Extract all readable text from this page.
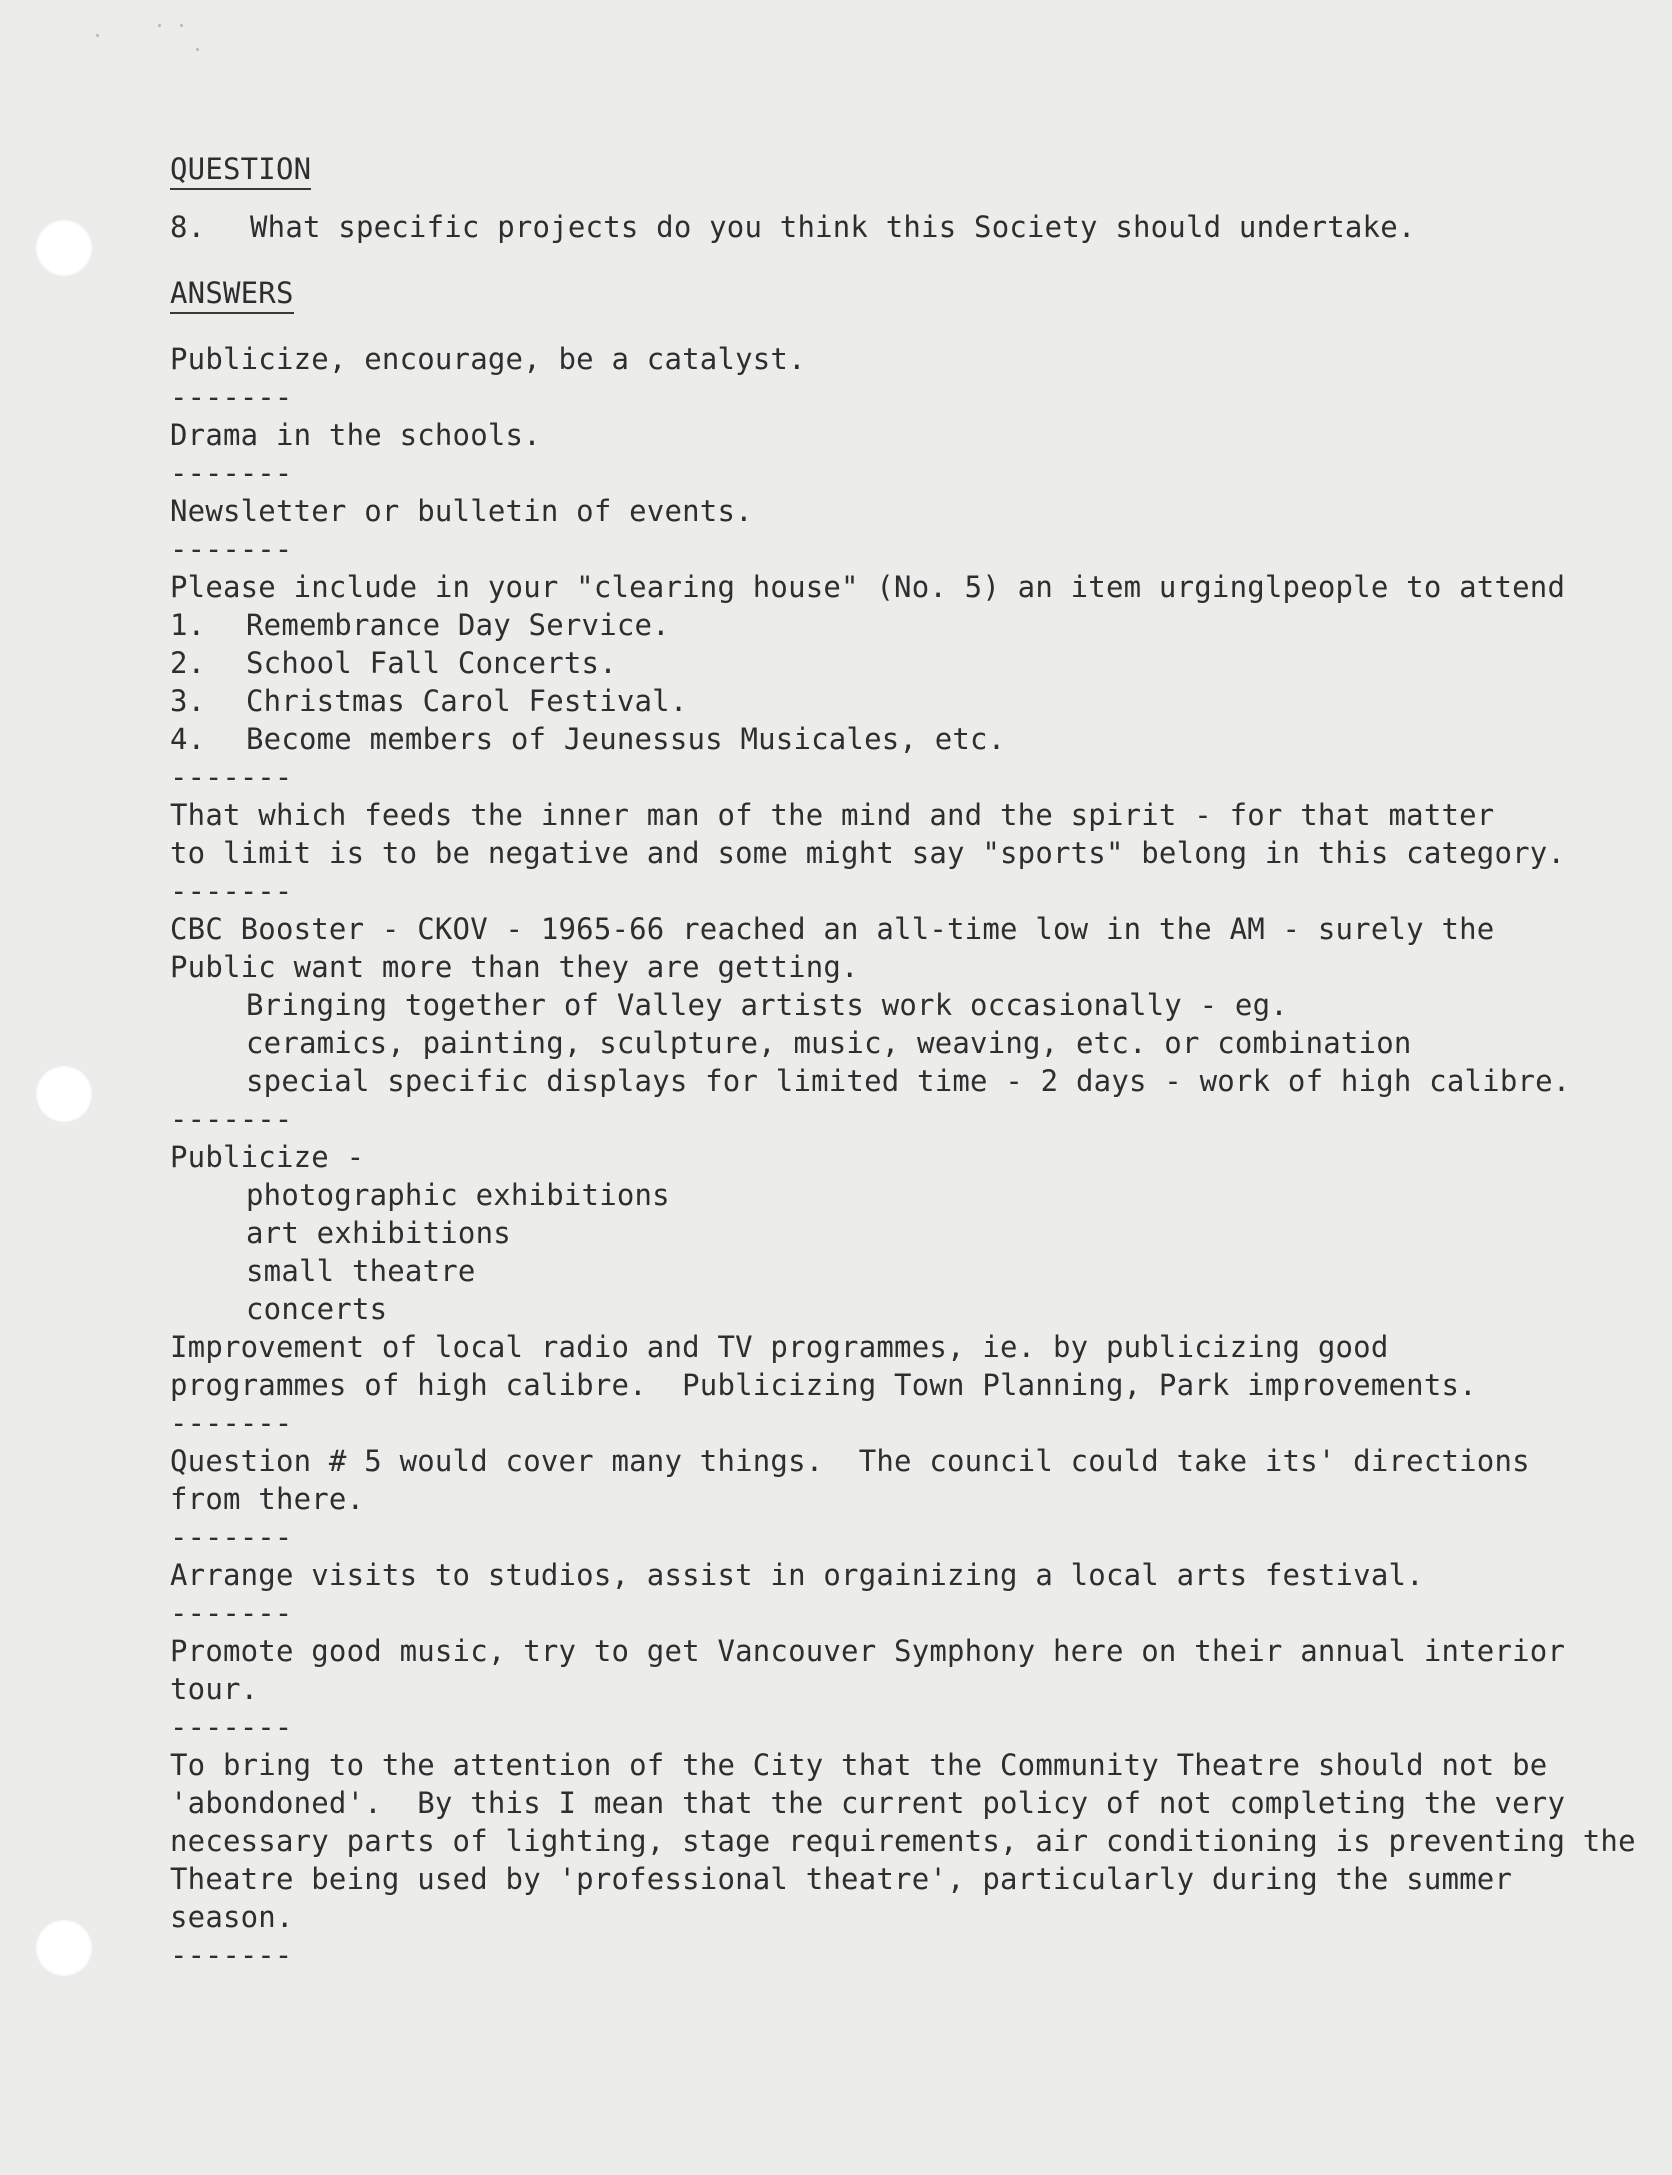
QUESTION
8. What specific projects do you think this Society should undertake.
ANSWERS
Publicize, encourage, be a catalyst.
-------
Drama in the schools.
-------
Newsletter or bulletin of events.
-------
Please include in your "clearing house" (No. 5) an item urginglpeople to attend
1.	Remembrance Day Service.
2.	School Fall Concerts.
3.	Christmas Carol Festival.
4.	Become members of Jeunessus Musicales, etc.
-------
That which feeds the inner man of the mind and the spirit - for that matter
to limit is to be negative and some might say "sports" belong in this category.
-------
CBC Booster - CKOV - 1965-66 reached an all-time low in the AM - surely the
Public want more than they are getting.
Bringing together of Valley artists work occasionally - eg.
ceramics, painting, sculpture, music, weaving, etc. or combination
special specific displays for limited time - 2 days - work of high calibre.
-------
Publicize -
photographic exhibitions
art exhibitions
small theatre
concerts
Improvement of local radio and TV programmes, ie. by publicizing good
programmes of high calibre.  Publicizing Town Planning, Park improvements.
-------
Question # 5 would cover many things.  The council could take its' directions
from there.
-------
Arrange visits to studios, assist in orgainizing a local arts festival.
-------
Promote good music, try to get Vancouver Symphony here on their annual interior
tour.
-------
To bring to the attention of the City that the Community Theatre should not be
'abondoned'.  By this I mean that the current policy of not completing the very
necessary parts of lighting, stage requirements, air conditioning is preventing the
Theatre being used by 'professional theatre', particularly during the summer
season.
-------
